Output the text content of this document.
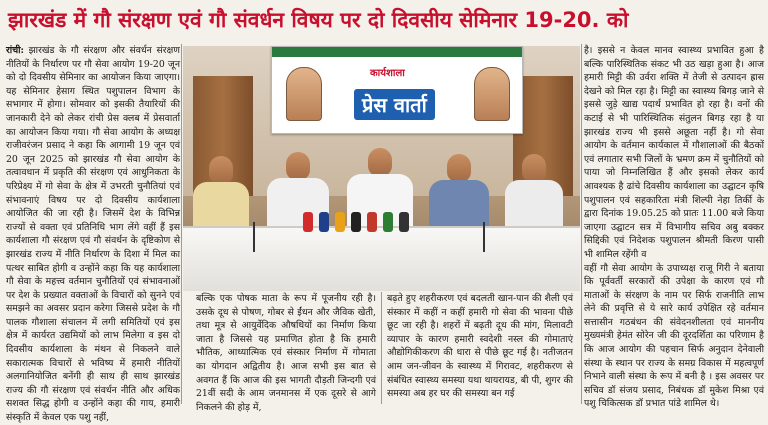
झारखंड में गौ संरक्षण एवं गौ संवर्धन विषय पर दो दिवसीय सेमिनार 19-20. को

रांची: झारखंड के गौ संरक्षण और संवर्धन संरक्षण नीतियों के निर्धारण पर गौ सेवा आयोग 19-20 जून को दो दिवसीय सेमिनार का आयोजन किया जाएगा। यह सेमिनार हेसाग स्थित पशुपालन विभाग के सभागार में होगा। सोमवार को इसकी तैयारियों की जानकारी देने को लेकर रांची प्रेस क्लब में प्रेसवार्ता का आयोजन किया गया। गौ सेवा आयोग के अध्यक्ष राजीवरंजन प्रसाद ने कहा कि आगामी 19 जून एवं 20 जून 2025 को झारखंड गौ सेवा आयोग के तत्वावधान में प्रकृति की संरक्षण एवं आधुनिकता के परिप्रेक्ष्य में गो सेवा के क्षेत्र में उभरती चुनौतियां एवं संभावनाएं विषय पर दो दिवसीय कार्यशाला आयोजित की जा रही है। जिसमें देश के विभिन्न राज्यों से वक्ता एवं प्रतिनिधि भाग लेंगे वहीं हैं इस कार्यशाला गौ संरक्षण एवं गौ संवर्धन के दृष्टिकोण से झारखंड राज्य में नीति निर्धारण के दिशा में मिल का पत्थर साबित होगी व उन्होंने कहा कि यह कार्यशाला गौ सेवा के महत्त्व वर्तमान चुनौतियों एवं संभावनाओं पर देश के प्रख्यात वक्ताओं के विचारों को सुनने एवं समझने का अवसर प्रदान करेगा जिससे प्रदेश के गौ पालक गौशाला संचालन में लगी समितियों एवं इस क्षेत्र में कार्यरत उद्यमियों को लाभ मिलेगा व इस दो दिवसीय कार्यशाला के मंथन से निकलने वाले सकारात्मक विचारों से भविष्य में हमारी नीतियों अलगानियोजित बनेंगी ही साथ ही साथ झारखंड राज्य की गौ संरक्षण एवं संवर्धन नीति और अधिक सशक्त सिद्ध होगी व उन्होंने कहा की गाय, हमारी संस्कृति में केवल एक पशु नहीं,

कार्यशाला
प्रेस वार्ता

बल्कि एक पोषक माता के रूप में पूजनीय रही है। उसके दूध से पोषण, गोबर से ईंधन और जैविक खेती, तथा मूत्र से आयुर्वेदिक औषधियों का निर्माण किया जाता है जिससे यह प्रमाणित होता है कि हमारी भौतिक, आध्यात्मिक एवं संस्कार निर्माण में गोमाता का योगदान अद्वितीय है। आज सभी इस बात से अवगत हैं कि आज की इस भागती दौड़ती जिन्दगी एवं 21वीं सदी के आम जनमानस में एक दूसरे से आगे निकलने की होड़ में,

बढ़ते हुए शहरीकरण एवं बदलती खान-पान की शैली एवं संस्कार में कहीं न कहीं हमारी गो सेवा की भावना पीछे छूट जा रही है। शहरों में बढ़ती दूध की मांग, मिलावटी व्यापार के कारण हमारी स्वदेशी नस्ल की गोमाताएं औद्योगिकीकरण की धारा से पीछे छूट गई है। नतीजतन आम जन-जीवन के स्वास्थ्य में गिरावट, शहरीकरण से संबंधित स्वास्थ्य समस्या यथा थायरायड, बी पी, शुगर की समस्या अब हर घर की समस्या बन गई

है। इससे न केवल मानव स्वास्थ्य प्रभावित हुआ है बल्कि पारिस्थितिक संकट भी उठ खड़ा हुआ है। आज हमारी मिट्टी की उर्वरा शक्ति में तेजी से उत्पादन ह्रास देखने को मिल रहा है। मिट्टी का स्वास्थ्य बिगड़ जाने से इससे जुड़े खाद्य पदार्थ प्रभावित हो रहा है। वनों की कटाई से भी पारिस्थितिक संतुलन बिगड़ रहा है या झारखंड राज्य भी इससे अछूता नहीं है। गो सेवा आयोग के वर्तमान कार्यकाल में गौशालाओं की बैठकों एवं लगातार सभी जिलों के भ्रमण क्रम में चुनौतियों को पाया जो निम्नलिखित हैं और इसको लेकर कार्य आवश्यक है ढांचे दिवसीय कार्यशाला का उद्घाटन कृषि पशुपालन एवं सहकारिता मंत्री शिल्पी नेहा तिर्की के द्वारा दिनांक 19.05.25 को प्रातः 11.00 बजे किया जाएगा उद्घाटन सत्र में विभागीय सचिव अबु बक्कर सिद्दिकी एवं निदेशक पशुपालन श्रीमती किरण पासी भी शामिल रहेंगी व

वहीं गौ सेवा आयोग के उपाध्यक्ष राजू गिरी ने बताया कि पूर्ववर्ती सरकारों की उपेक्षा के कारण एवं गौ माताओं के संरक्षण के नाम पर सिर्फ राजनीति लाभ लेने की प्रवृत्ति से ये सारे कार्य उपेक्षित रहे वर्तमान सत्तासीन गठबंधन की संवेदनशीलता एवं माननीय मुख्यमंत्री हेमंत सोरेन जी की दूरदर्शिता का परिणाम है कि आज आयोग की पहचान सिर्फ अनुदान देनेवाली संस्था के स्थान पर राज्य के समग्र विकास में महत्वपूर्ण निभाने वाली संस्था के रूप में बनी है । इस अवसर पर सचिव डॉ संजय प्रसाद, निबंधक डॉ मुकेश मिश्रा एवं पशु चिकित्सक डॉ प्रभात पांडे शामिल थे।
